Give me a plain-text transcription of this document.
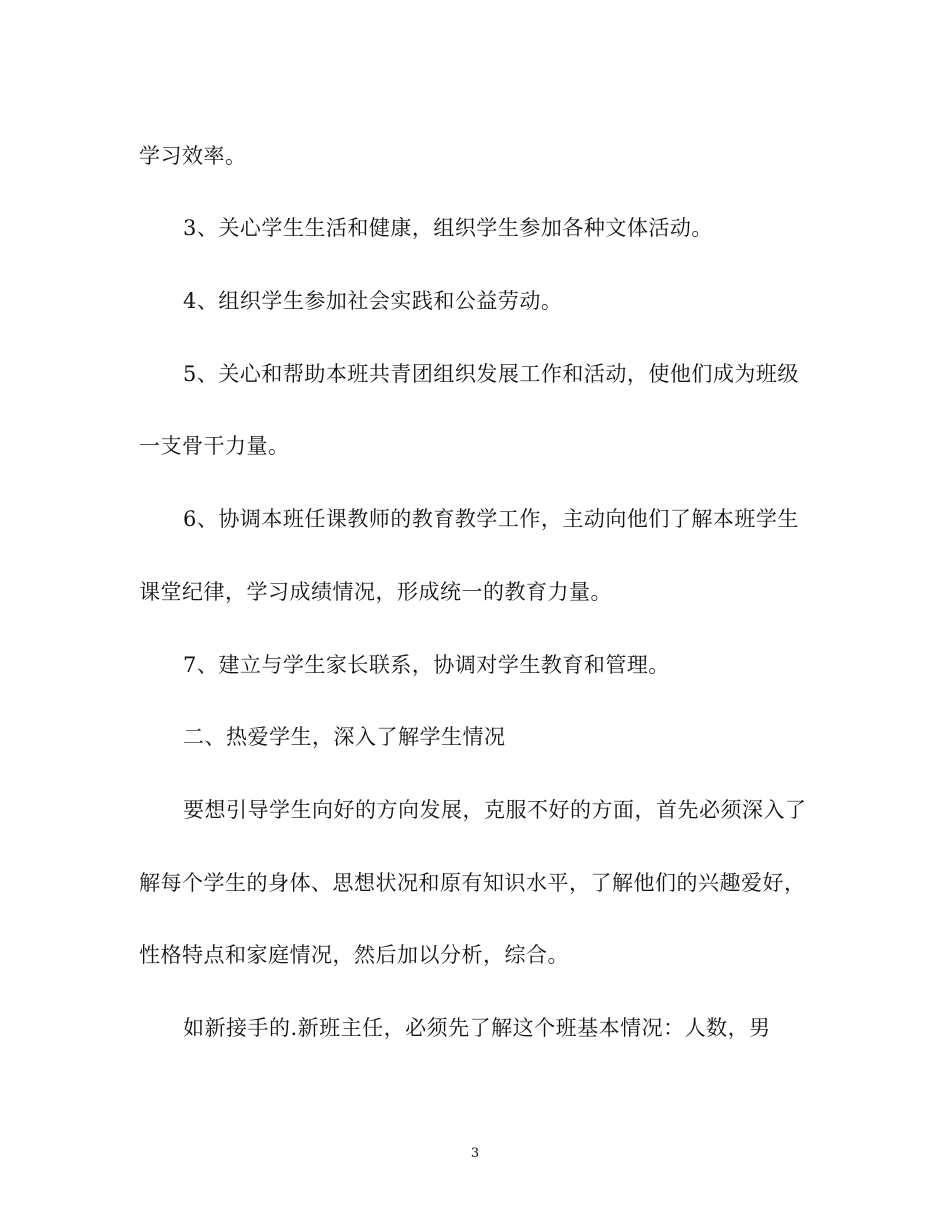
学习效率。
3、关心学生生活和健康，组织学生参加各种文体活动。
4、组织学生参加社会实践和公益劳动。
5、关心和帮助本班共青团组织发展工作和活动，使他们成为班级
一支骨干力量。
6、协调本班任课教师的教育教学工作，主动向他们了解本班学生
课堂纪律，学习成绩情况，形成统一的教育力量。
7、建立与学生家长联系，协调对学生教育和管理。
二、热爱学生，深入了解学生情况
要想引导学生向好的方向发展，克服不好的方面，首先必须深入了
解每个学生的身体、思想状况和原有知识水平，了解他们的兴趣爱好，
性格特点和家庭情况，然后加以分析，综合。
如新接手的.新班主任，必须先了解这个班基本情况：人数，男
3
